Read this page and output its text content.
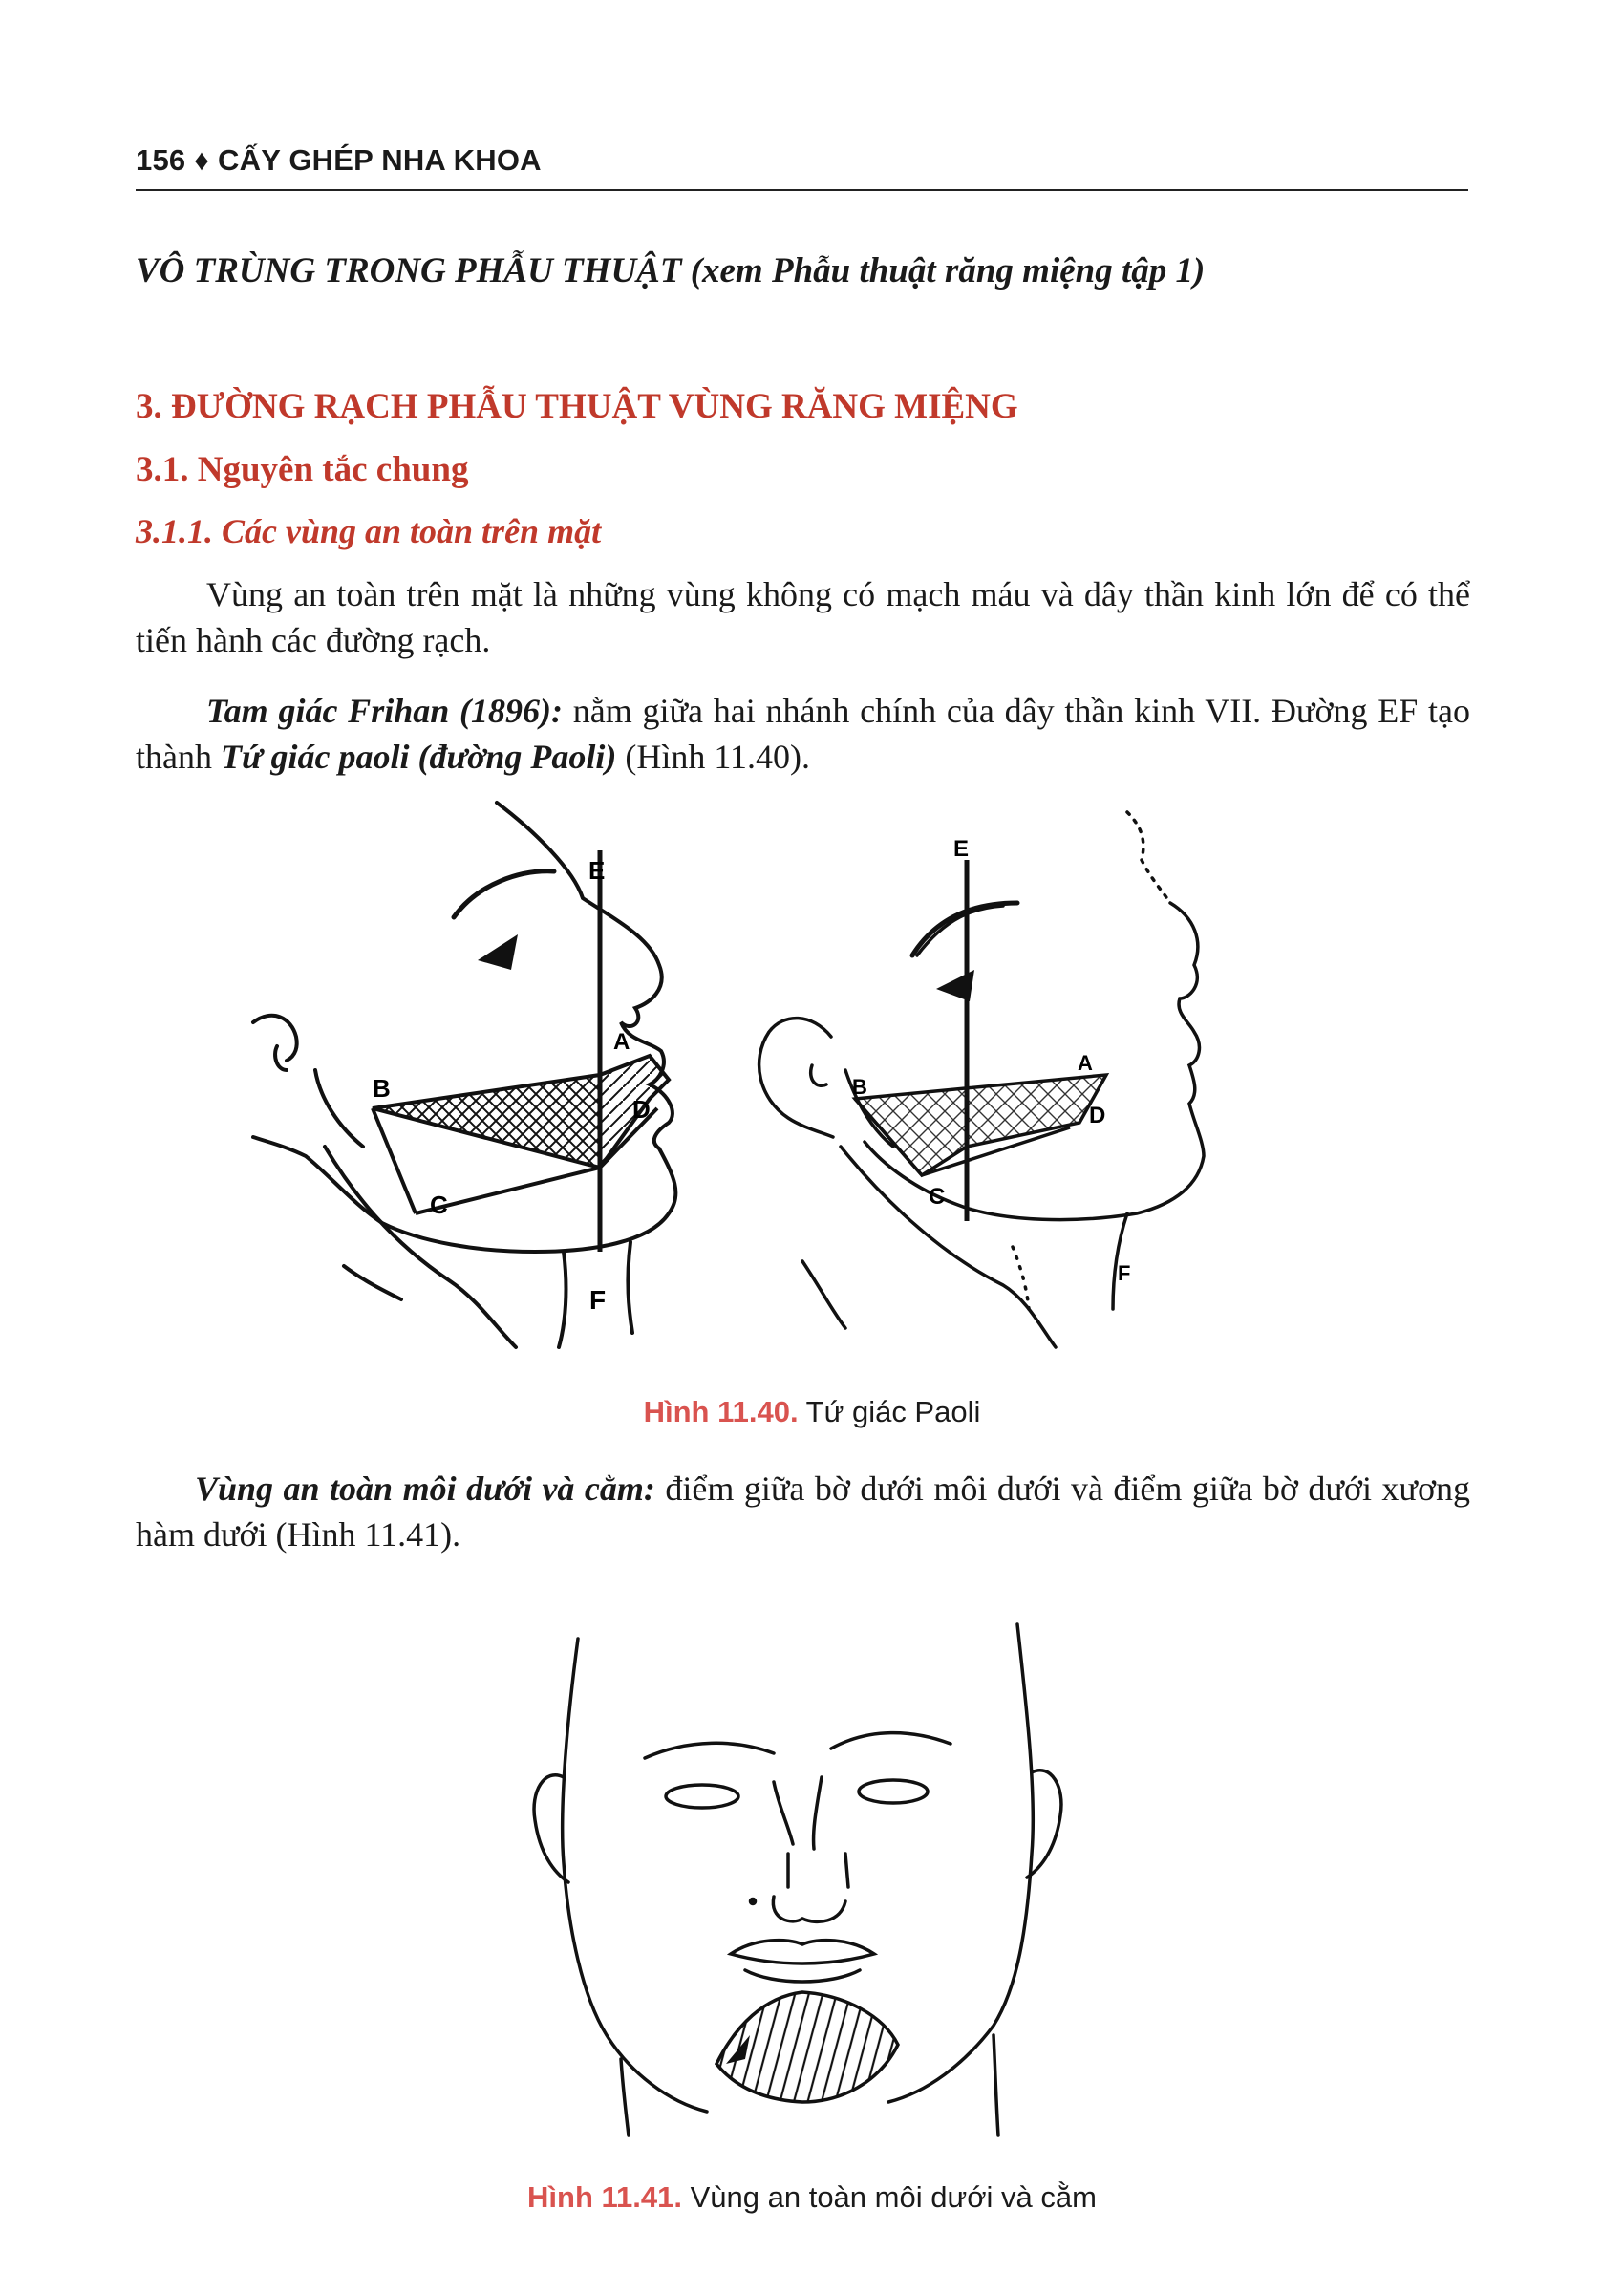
156 ♦ CẤY GHÉP NHA KHOA
VÔ TRÙNG TRONG PHẪU THUẬT (xem Phẫu thuật răng miệng tập 1)
3. ĐƯỜNG RẠCH PHẪU THUẬT VÙNG RĂNG MIỆNG
3.1. Nguyên tắc chung
3.1.1. Các vùng an toàn trên mặt
Vùng an toàn trên mặt là những vùng không có mạch máu và dây thần kinh lớn để có thể tiến hành các đường rạch.
Tam giác Frihan (1896): nằm giữa hai nhánh chính của dây thần kinh VII. Đường EF tạo thành Tứ giác paoli (đường Paoli) (Hình 11.40).
E
A
B
D
C
F
E
A
B
D
C
F
Hình 11.40. Tứ giác Paoli
Vùng an toàn môi dưới và cằm: điểm giữa bờ dưới môi dưới và điểm giữa bờ dưới xương hàm dưới (Hình 11.41).
Hình 11.41. Vùng an toàn môi dưới và cằm
